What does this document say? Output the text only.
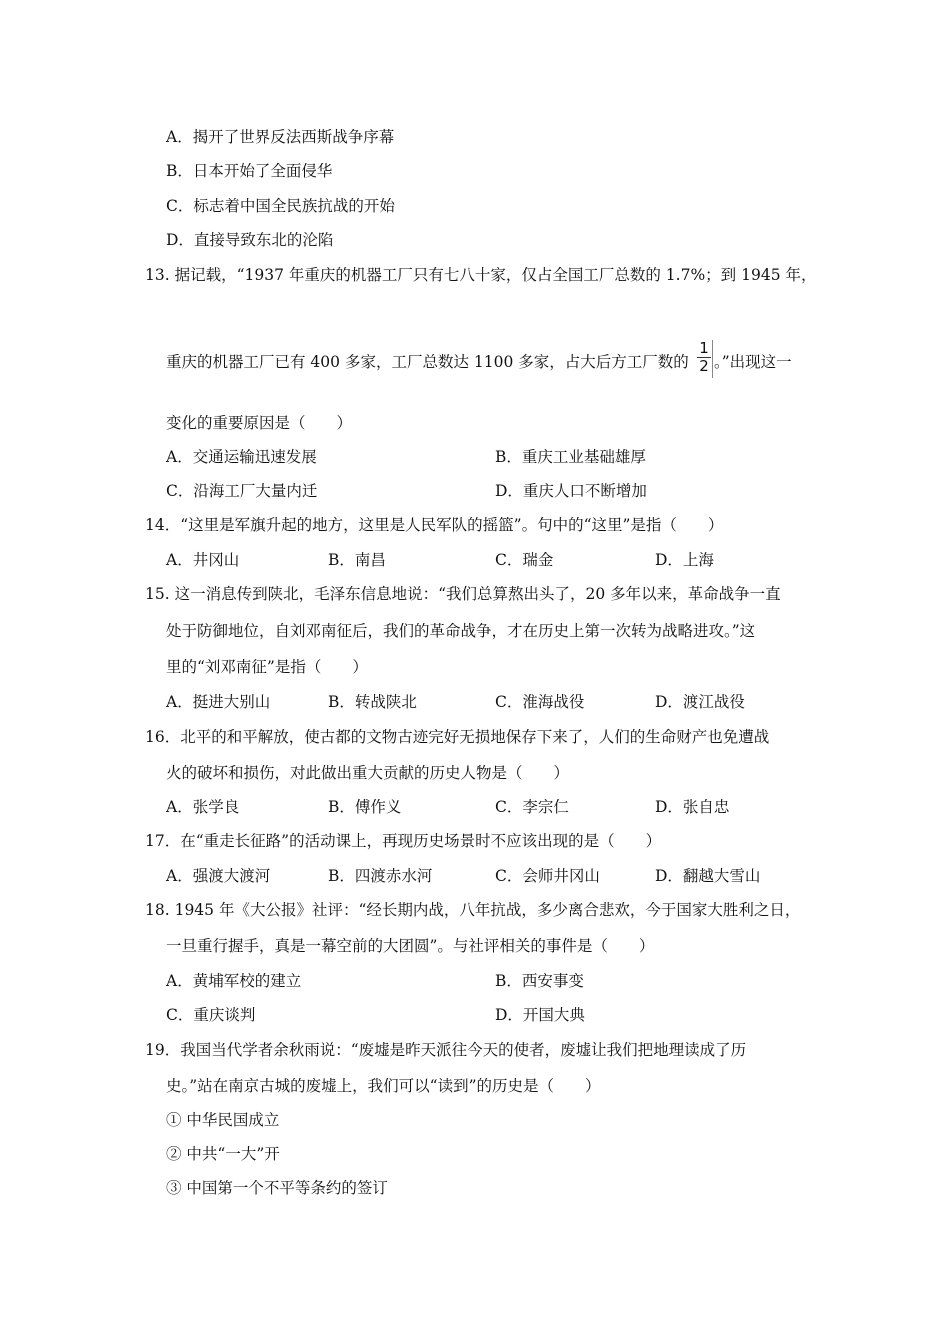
A．揭开了世界反法西斯战争序幕
B．日本开始了全面侵华
C．标志着中国全民族抗战的开始
D．直接导致东北的沦陷
13. 据记载，“1937 年重庆的机器工厂只有七八十家，仅占全国工厂总数的 1.7%；到 1945 年，
重庆的机器工厂已有 400 多家，工厂总数达 1100 多家，占大后方工厂数的 $\frac{1}{2}$ 。”出现这一
变化的重要原因是（　　）
A．交通运输迅速发展	B．重庆工业基础雄厚
C．沿海工厂大量内迁	D．重庆人口不断增加
14．“这里是军旗升起的地方，这里是人民军队的摇篮”。句中的“这里”是指（　　）
A．井冈山	B．南昌	C．瑞金	D．上海
15. 这一消息传到陕北，毛泽东信息地说：“我们总算熬出头了，20 多年以来，革命战争一直
处于防御地位，自刘邓南征后，我们的革命战争，才在历史上第一次转为战略进攻。”这
里的“刘邓南征”是指（　　）
A．挺进大别山	B．转战陕北	C．淮海战役	D．渡江战役
16．北平的和平解放，使古都的文物古迹完好无损地保存下来了，人们的生命财产也免遭战
火的破坏和损伤，对此做出重大贡献的历史人物是（　　）
A．张学良	B．傅作义	C．李宗仁	D．张自忠
17．在“重走长征路”的活动课上，再现历史场景时不应该出现的是（　　）
A．强渡大渡河	B．四渡赤水河	C．会师井冈山	D．翻越大雪山
18. 1945 年《大公报》社评：“经长期内战，八年抗战，多少离合悲欢，今于国家大胜利之日，
一旦重行握手，真是一幕空前的大团圆”。与社评相关的事件是（　　）
A．黄埔军校的建立	B．西安事变
C．重庆谈判	D．开国大典
19．我国当代学者余秋雨说：“废墟是昨天派往今天的使者，废墟让我们把地理读成了历
史。”站在南京古城的废墟上，我们可以“读到”的历史是（　　）
① 中华民国成立
② 中共“一大”开
③ 中国第一个不平等条约的签订
